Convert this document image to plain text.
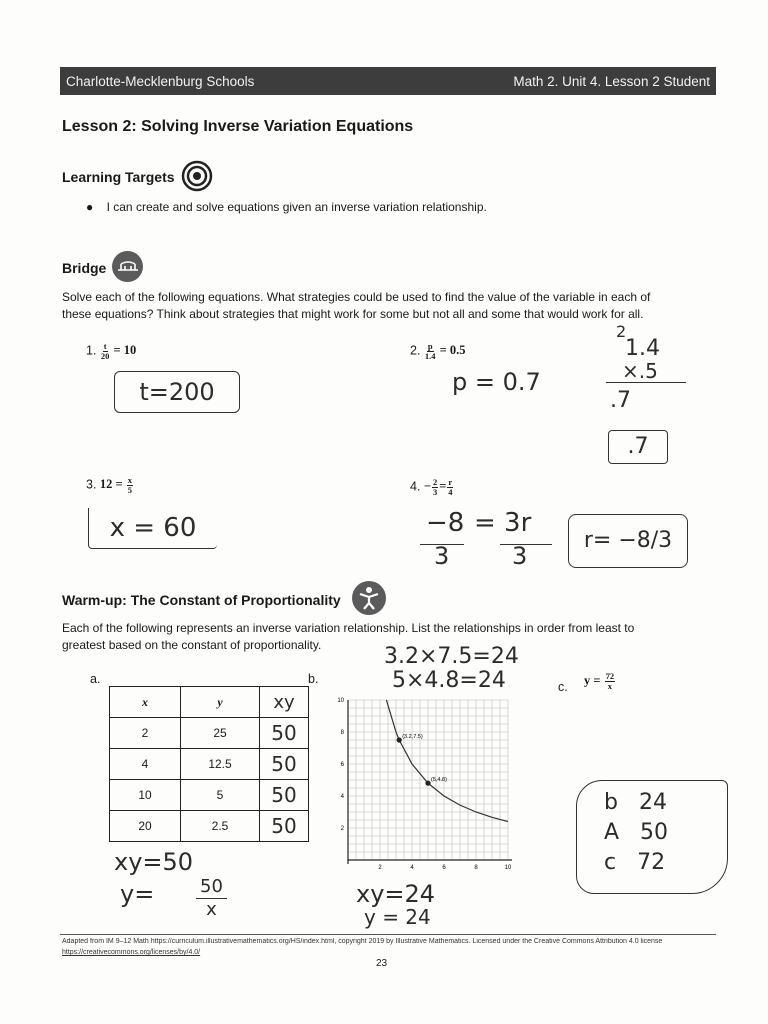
Charlotte-Mecklenburg Schools	Math 2. Unit 4. Lesson 2 Student
Lesson 2: Solving Inverse Variation Equations
Learning Targets
●    I can create and solve equations given an inverse variation relationship.
Bridge
Solve each of the following equations. What strategies could be used to find the value of the variable in each of
these equations? Think about strategies that might work for some but not all and some that would work for all.
1. $\frac{t}{20} = 10$
t=200
2. $\frac{p}{1.4} = 0.5$
p = 0.7
2
1.4
×.5
.7
.7
3. $12 = \frac{x}{5}$
x = 60
4. − $\frac{2}{3} = \frac{r}{4}$
−8
3
= 3r
3
r= −8/3
Warm-up: The Constant of Proportionality
Each of the following represents an inverse variation relationship. List the relationships in order from least to
greatest based on the constant of proportionality.
a.	b.
c. $y = \frac{72}{x}$
x	y	xy
2	25	50
4	12.5	50
10	5	50
20	2.5	50
xy=50
y=	50
x
3.2×7.5=24
5×4.8=24
2	4	6	8	10
2
4
6
8
10
(3.2,7.5)
(5,4.8)
xy=24
y = 24
b 24
A 50
c 72
Adapted from IM 9–12 Math https://curriculum.illustrativemathematics.org/HS/index.html, copyright 2019 by Illustrative Mathematics. Licensed under the Creative Commons Attribution 4.0 license
https://creativecommons.org/licenses/by/4.0/
23
